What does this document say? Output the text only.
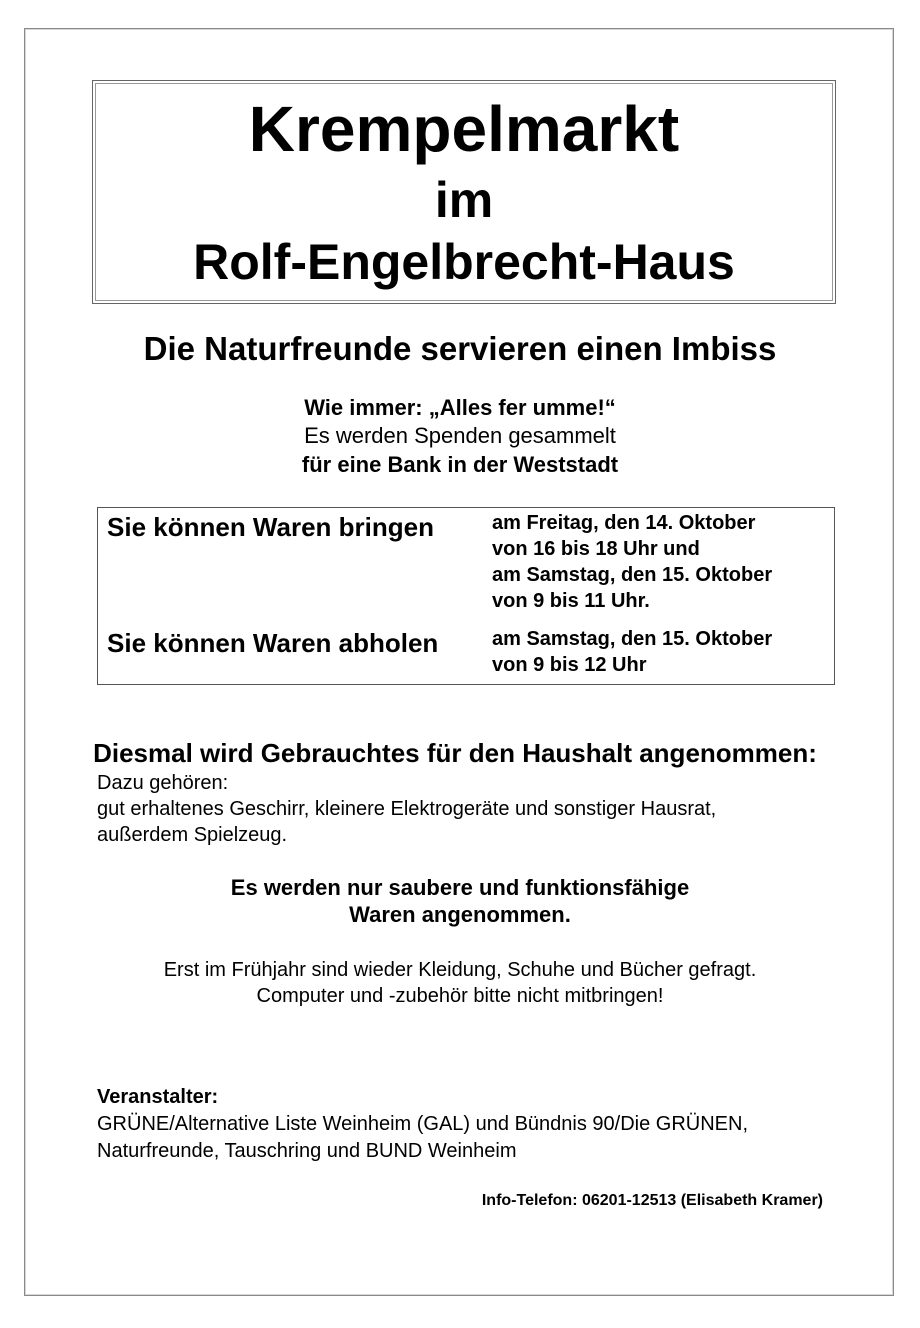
Krempelmarkt
im
Rolf-Engelbrecht-Haus
Die Naturfreunde servieren einen Imbiss
Wie immer: „Alles fer umme!“
Es werden Spenden gesammelt
für eine Bank in der Weststadt
Sie können Waren bringen	am Freitag, den 14. Oktober
von 16 bis 18 Uhr und
am Samstag, den 15. Oktober
von 9 bis 11 Uhr.
Sie können Waren abholen	am Samstag, den 15. Oktober
von 9 bis 12 Uhr
Diesmal wird Gebrauchtes für den Haushalt angenommen:
Dazu gehören:
gut erhaltenes Geschirr, kleinere Elektrogeräte und sonstiger Hausrat,
außerdem Spielzeug.
Es werden nur saubere und funktionsfähige
Waren angenommen.
Erst im Frühjahr sind wieder Kleidung, Schuhe und Bücher gefragt.
Computer und -zubehör bitte nicht mitbringen!
Veranstalter:
GRÜNE/Alternative Liste Weinheim (GAL) und Bündnis 90/Die GRÜNEN,
Naturfreunde, Tauschring und BUND Weinheim
Info-Telefon: 06201-12513 (Elisabeth Kramer)
